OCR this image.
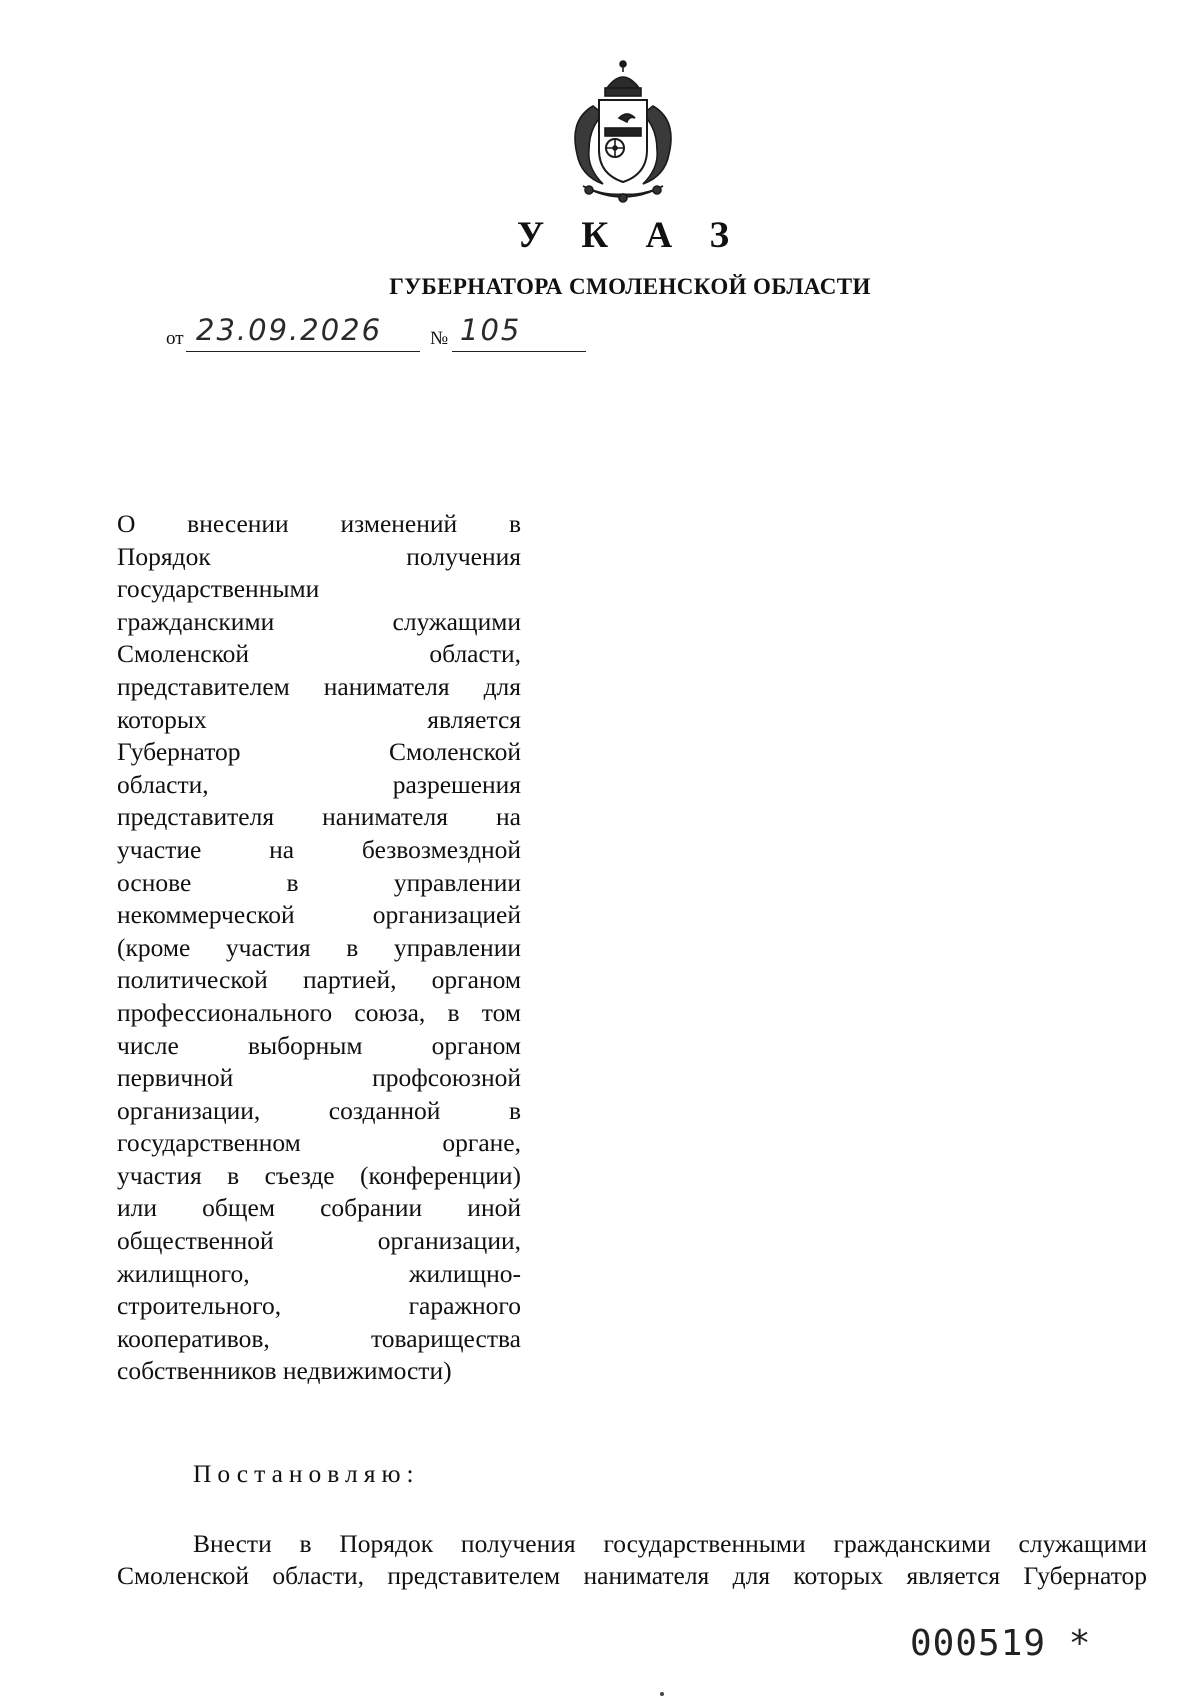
У К А З
ГУБЕРНАТОРА СМОЛЕНСКОЙ ОБЛАСТИ
от 23.09.2026	№ 105
О внесении изменений в
Порядок получения
государственными
гражданскими служащими
Смоленской области,
представителем нанимателя для
которых является
Губернатор Смоленской
области, разрешения
представителя нанимателя на
участие на безвозмездной
основе в управлении
некоммерческой организацией
(кроме участия в управлении
политической партией, органом
профессионального союза, в том
числе выборным органом
первичной профсоюзной
организации, созданной в
государственном органе,
участия в съезде (конференции)
или общем собрании иной
общественной организации,
жилищного, жилищно-
строительного, гаражного
кооперативов, товарищества
собственников недвижимости)
Постановляю:
Внести в Порядок получения государственными гражданскими служащими
Смоленской области, представителем нанимателя для которых является Губернатор
000519 *
